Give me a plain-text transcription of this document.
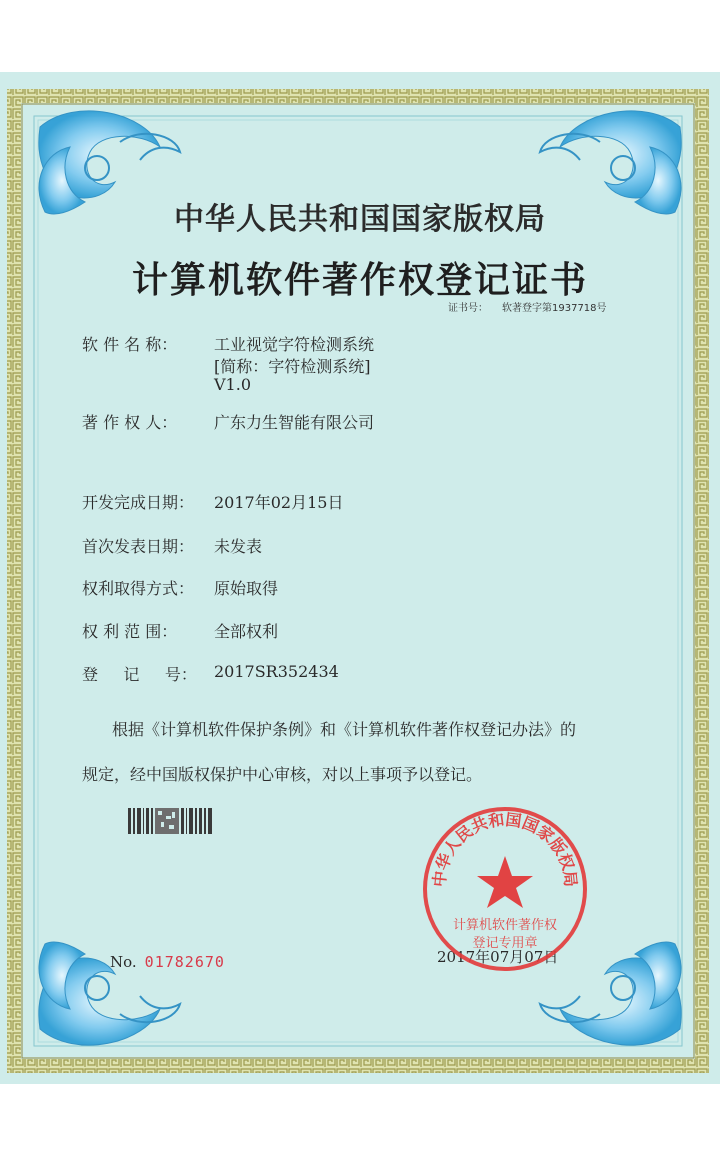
中华人民共和国国家版权局
计算机软件著作权登记证书
证书号： 软著登字第1937718号
软 件 名 称： 工业视觉字符检测系统
[简称：字符检测系统]
V1.0
著 作 权 人： 广东力生智能有限公司
开发完成日期： 2017年02月15日
首次发表日期： 未发表
权利取得方式： 原始取得
权 利 范 围： 全部权利
登     记     号： 2017SR352434
根据《计算机软件保护条例》和《计算机软件著作权登记办法》的
规定，经中国版权保护中心审核，对以上事项予以登记。
No. 01782670	2017年07月07日
中华人民共和国国家版权局
计算机软件著作权
登记专用章
